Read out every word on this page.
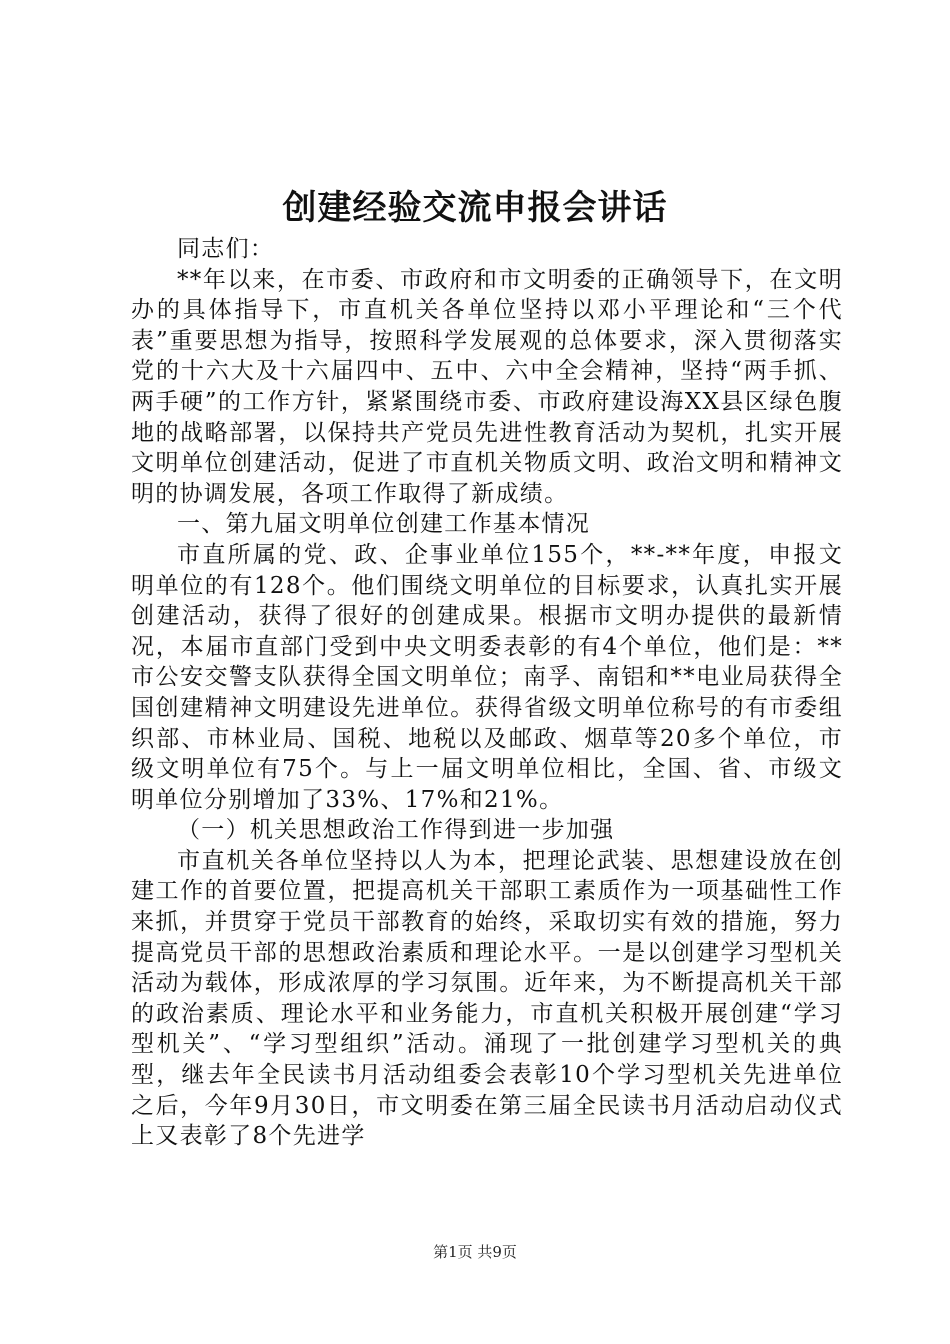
创建经验交流申报会讲话

同志们：

**年以来，在市委、市政府和市文明委的正确领导下，在文明办的具体指导下，市直机关各单位坚持以邓小平理论和“三个代表”重要思想为指导，按照科学发展观的总体要求，深入贯彻落实党的十六大及十六届四中、五中、六中全会精神，坚持“两手抓、两手硬”的工作方针，紧紧围绕市委、市政府建设海XX县区绿色腹地的战略部署，以保持共产党员先进性教育活动为契机，扎实开展文明单位创建活动，促进了市直机关物质文明、政治文明和精神文明的协调发展，各项工作取得了新成绩。

一、第九届文明单位创建工作基本情况

市直所属的党、政、企事业单位155个，**-**年度，申报文明单位的有128个。他们围绕文明单位的目标要求，认真扎实开展创建活动，获得了很好的创建成果。根据市文明办提供的最新情况，本届市直部门受到中央文明委表彰的有4个单位，他们是：**市公安交警支队获得全国文明单位；南孚、南铝和**电业局获得全国创建精神文明建设先进单位。获得省级文明单位称号的有市委组织部、市林业局、国税、地税以及邮政、烟草等20多个单位，市级文明单位有75个。与上一届文明单位相比，全国、省、市级文明单位分别增加了33%、17%和21%。

（一）机关思想政治工作得到进一步加强

市直机关各单位坚持以人为本，把理论武装、思想建设放在创建工作的首要位置，把提高机关干部职工素质作为一项基础性工作来抓，并贯穿于党员干部教育的始终，采取切实有效的措施，努力提高党员干部的思想政治素质和理论水平。一是以创建学习型机关活动为载体，形成浓厚的学习氛围。近年来，为不断提高机关干部的政治素质、理论水平和业务能力，市直机关积极开展创建“学习型机关”、“学习型组织”活动。涌现了一批创建学习型机关的典型，继去年全民读书月活动组委会表彰10个学习型机关先进单位之后，今年9月30日，市文明委在第三届全民读书月活动启动仪式上又表彰了8个先进学

第1页 共9页
